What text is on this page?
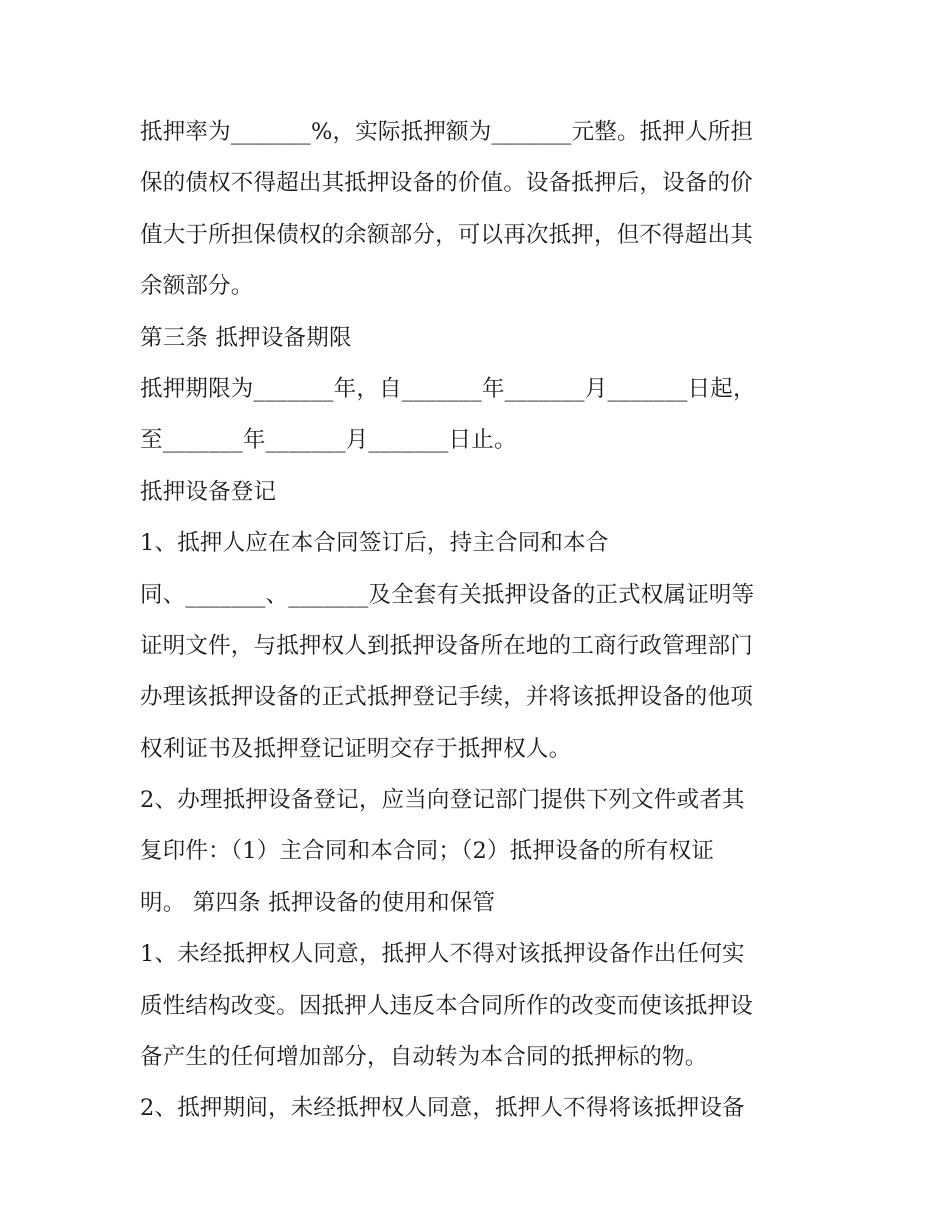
抵押率为_______%，实际抵押额为_______元整。抵押人所担
保的债权不得超出其抵押设备的价值。设备抵押后，设备的价
值大于所担保债权的余额部分，可以再次抵押，但不得超出其
余额部分。
第三条 抵押设备期限
抵押期限为_______年，自_______年_______月_______日起，
至_______年_______月_______日止。
抵押设备登记
1、抵押人应在本合同签订后，持主合同和本合
同、_______、_______及全套有关抵押设备的正式权属证明等
证明文件，与抵押权人到抵押设备所在地的工商行政管理部门
办理该抵押设备的正式抵押登记手续，并将该抵押设备的他项
权利证书及抵押登记证明交存于抵押权人。
2、办理抵押设备登记，应当向登记部门提供下列文件或者其
复印件：（1）主合同和本合同；（2）抵押设备的所有权证
明。 第四条 抵押设备的使用和保管
1、未经抵押权人同意，抵押人不得对该抵押设备作出任何实
质性结构改变。因抵押人违反本合同所作的改变而使该抵押设
备产生的任何增加部分，自动转为本合同的抵押标的物。
2、抵押期间，未经抵押权人同意，抵押人不得将该抵押设备
